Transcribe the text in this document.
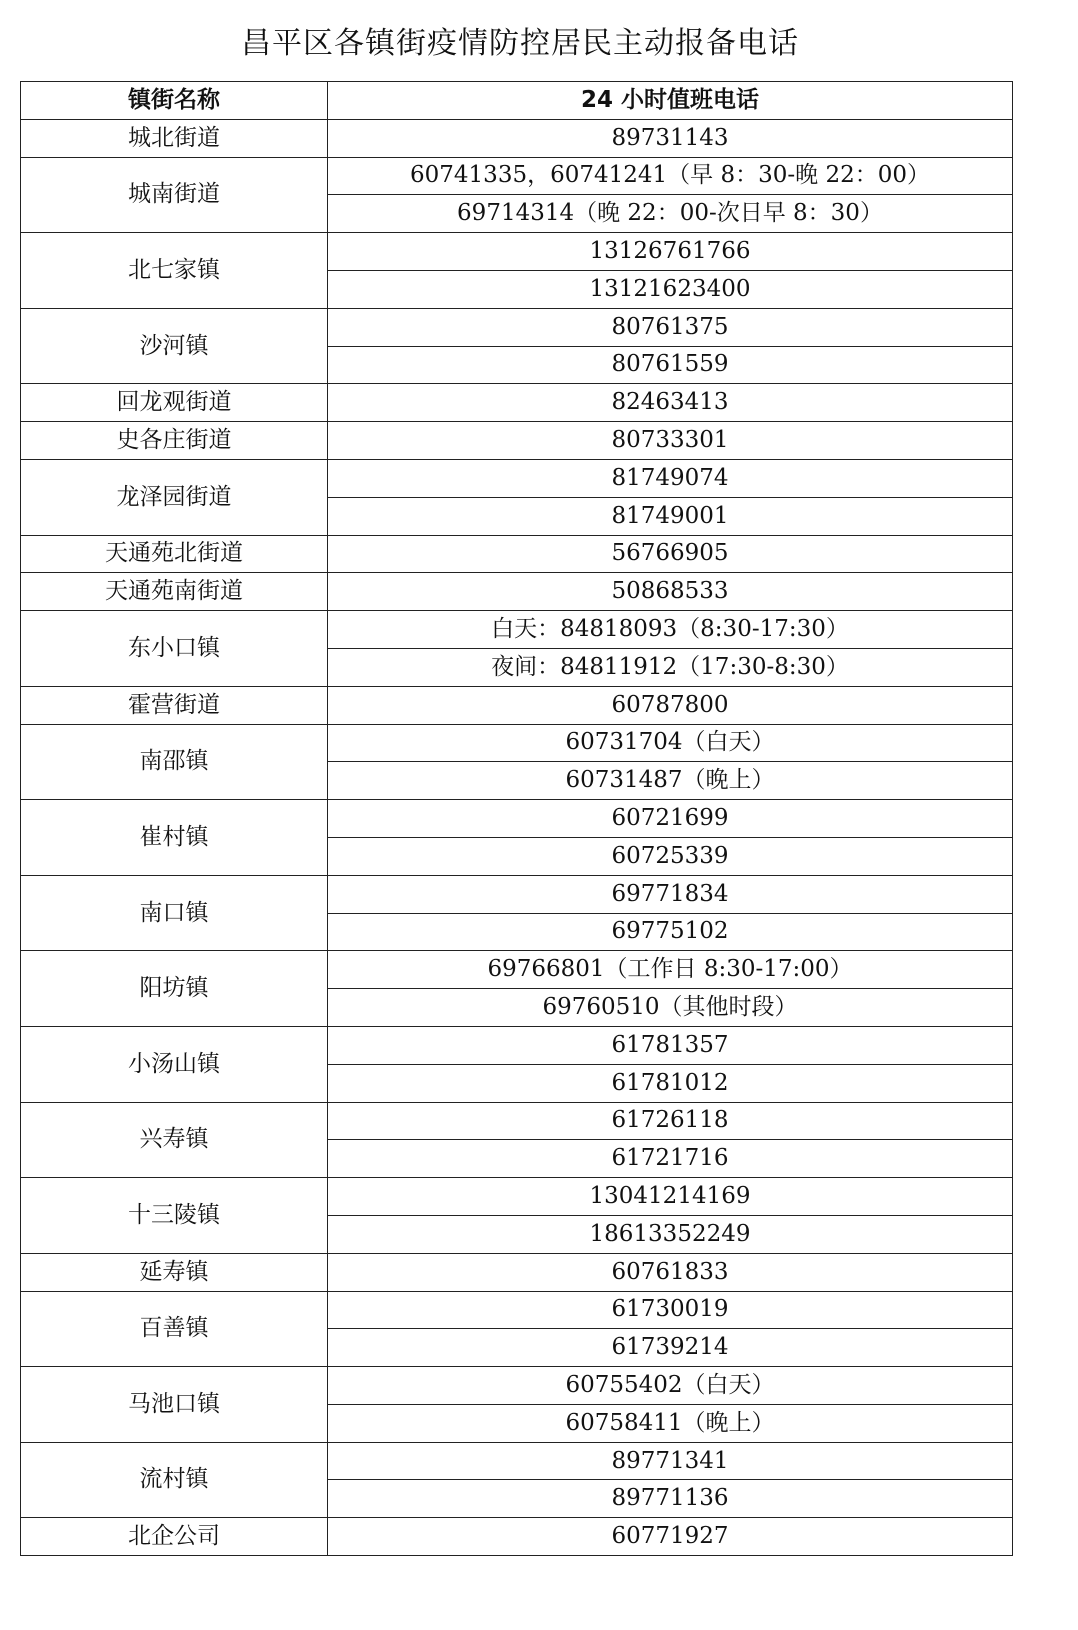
昌平区各镇街疫情防控居民主动报备电话
镇街名称	24 小时值班电话
城北街道	89731143
城南街道	60741335，60741241（早 8：30-晚 22：00）
	69714314（晚 22：00-次日早 8：30）
北七家镇	13126761766
	13121623400
沙河镇	80761375
	80761559
回龙观街道	82463413
史各庄街道	80733301
龙泽园街道	81749074
	81749001
天通苑北街道	56766905
天通苑南街道	50868533
东小口镇	白天：84818093（8:30-17:30）
	夜间：84811912（17:30-8:30）
霍营街道	60787800
南邵镇	60731704（白天）
	60731487（晚上）
崔村镇	60721699
	60725339
南口镇	69771834
	69775102
阳坊镇	69766801（工作日 8:30-17:00）
	69760510（其他时段）
小汤山镇	61781357
	61781012
兴寿镇	61726118
	61721716
十三陵镇	13041214169
	18613352249
延寿镇	60761833
百善镇	61730019
	61739214
马池口镇	60755402（白天）
	60758411（晚上）
流村镇	89771341
	89771136
北企公司	60771927
